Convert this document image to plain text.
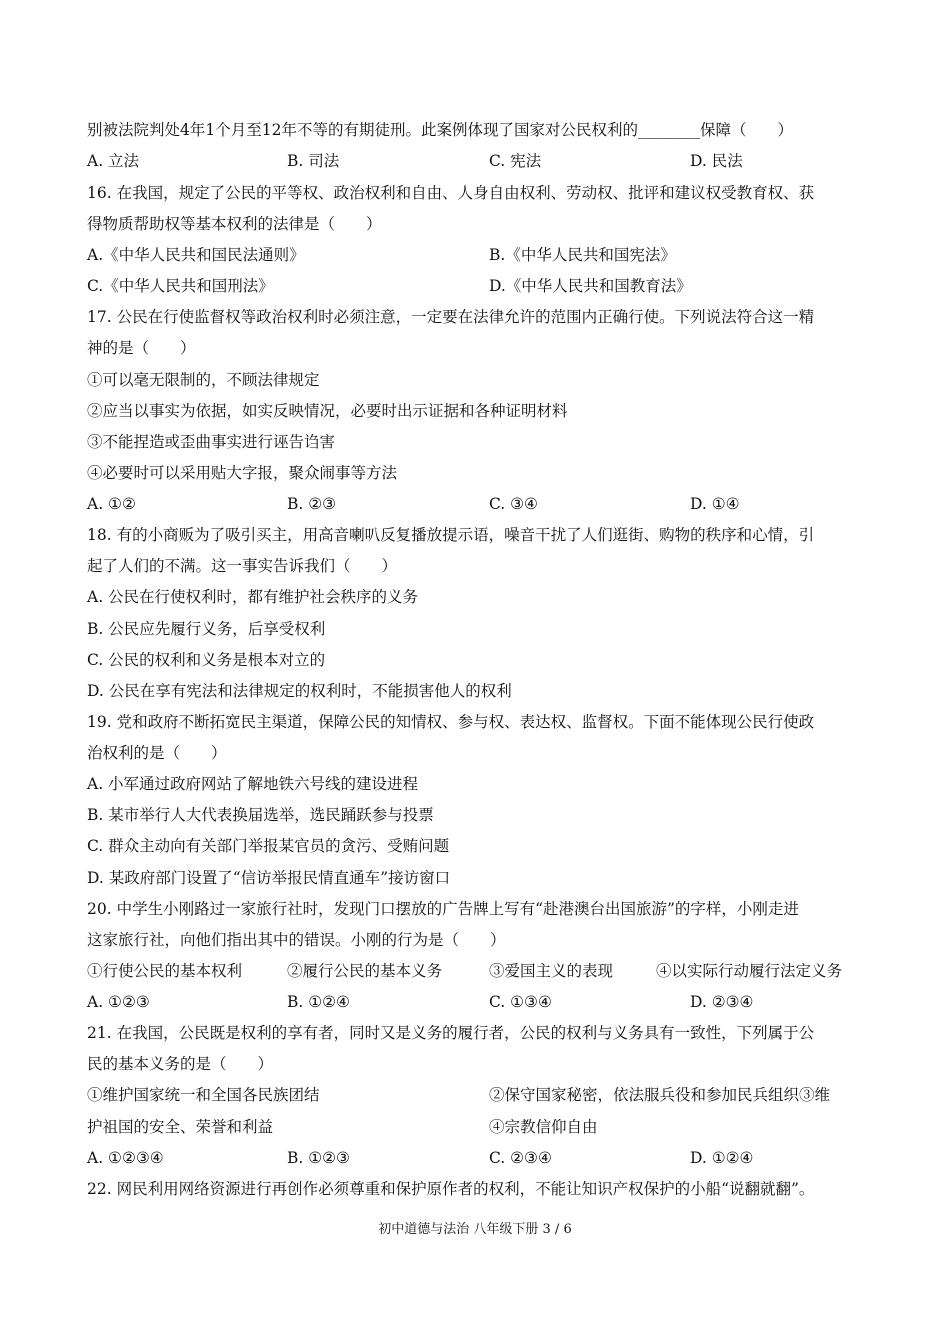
别被法院判处4年1个月至12年不等的有期徒刑。此案例体现了国家对公民权利的________保障（　　）
A. 立法	B. 司法	C. 宪法	D. 民法
16. 在我国，规定了公民的平等权、政治权利和自由、人身自由权利、劳动权、批评和建议权受教育权、获
得物质帮助权等基本权利的法律是（　　）
A.《中华人民共和国民法通则》	B.《中华人民共和国宪法》
C.《中华人民共和国刑法》	D.《中华人民共和国教育法》
17. 公民在行使监督权等政治权利时必须注意，一定要在法律允许的范围内正确行使。下列说法符合这一精
神的是（　　）
①可以毫无限制的，不顾法律规定
②应当以事实为依据，如实反映情况，必要时出示证据和各种证明材料
③不能捏造或歪曲事实进行诬告诌害
④必要时可以采用贴大字报，聚众闹事等方法
A. ①②	B. ②③	C. ③④	D. ①④
18. 有的小商贩为了吸引买主，用高音喇叭反复播放提示语，噪音干扰了人们逛街、购物的秩序和心情，引
起了人们的不满。这一事实告诉我们（　　）
A. 公民在行使权利时，都有维护社会秩序的义务
B. 公民应先履行义务，后享受权利
C. 公民的权利和义务是根本对立的
D. 公民在享有宪法和法律规定的权利时，不能损害他人的权利
19. 党和政府不断拓宽民主渠道，保障公民的知情权、参与权、表达权、监督权。下面不能体现公民行使政
治权利的是（　　）
A. 小军通过政府网站了解地铁六号线的建设进程
B. 某市举行人大代表换届选举，选民踊跃参与投票
C. 群众主动向有关部门举报某官员的贪污、受贿问题
D. 某政府部门设置了“信访举报民情直通车”接访窗口
20. 中学生小刚路过一家旅行社时，发现门口摆放的广告牌上写有“赴港澳台出国旅游”的字样，小刚走进
这家旅行社，向他们指出其中的错误。小刚的行为是（　　）
①行使公民的基本权利	②履行公民的基本义务	③爱国主义的表现	④以实际行动履行法定义务
A. ①②③	B. ①②④	C. ①③④	D. ②③④
21. 在我国，公民既是权利的享有者，同时又是义务的履行者，公民的权利与义务具有一致性，下列属于公
民的基本义务的是（　　）
①维护国家统一和全国各民族团结	②保守国家秘密，依法服兵役和参加民兵组织③维
护祖国的安全、荣誉和利益	④宗教信仰自由
A. ①②③④	B. ①②③	C. ②③④	D. ①②④
22. 网民利用网络资源进行再创作必须尊重和保护原作者的权利，不能让知识产权保护的小船“说翻就翻”。
初中道德与法治 八年级下册 3 / 6
